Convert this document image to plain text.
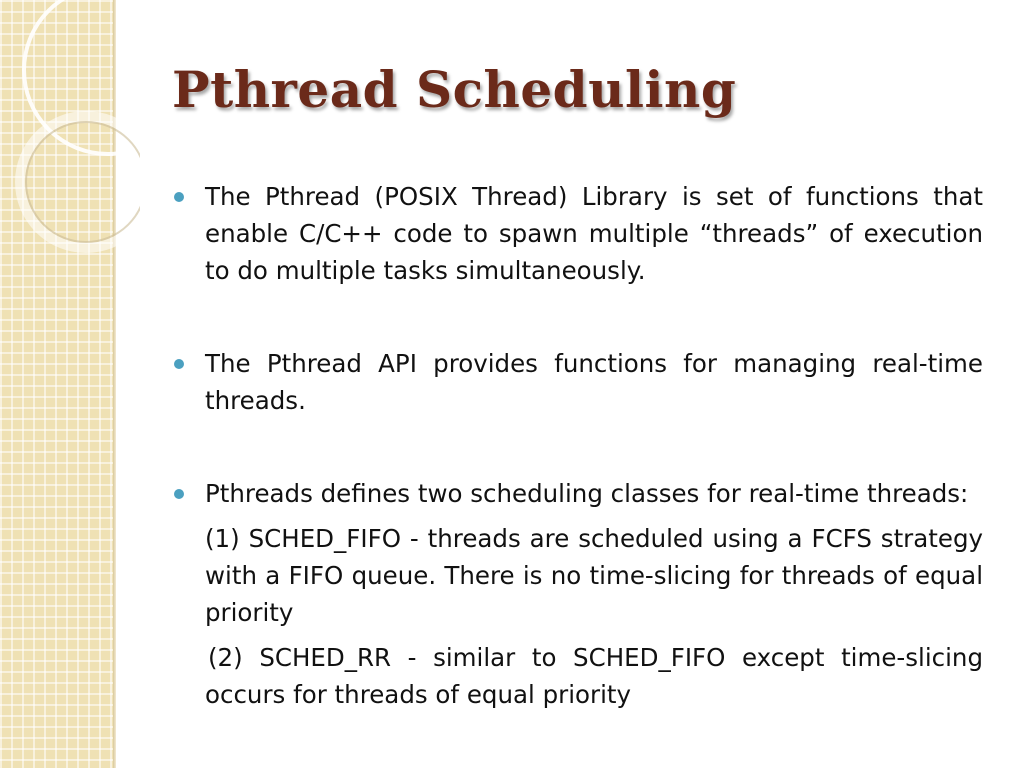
Pthread Scheduling

The Pthread (POSIX Thread) Library is set of functions that enable C/C++ code to spawn multiple “threads” of execution to do multiple tasks simultaneously.

The Pthread API provides functions for managing real-time threads.

Pthreads defines two scheduling classes for real-time threads:

(1) SCHED_FIFO - threads are scheduled using a FCFS strategy with a FIFO queue. There is no time-slicing for threads of equal priority

(2) SCHED_RR - similar to SCHED_FIFO except time-slicing occurs for threads of equal priority
